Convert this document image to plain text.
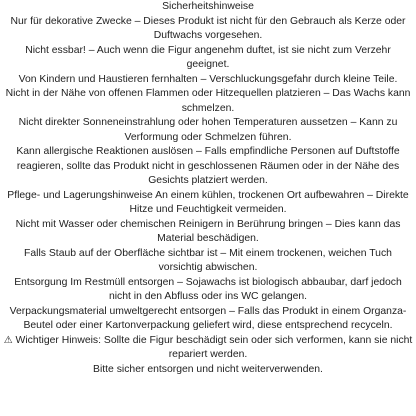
Sicherheitshinweise

Nur für dekorative Zwecke – Dieses Produkt ist nicht für den Gebrauch als Kerze oder Duftwachs vorgesehen.

Nicht essbar! – Auch wenn die Figur angenehm duftet, ist sie nicht zum Verzehr geeignet.

Von Kindern und Haustieren fernhalten – Verschluckungsgefahr durch kleine Teile.

Nicht in der Nähe von offenen Flammen oder Hitzequellen platzieren – Das Wachs kann schmelzen.

Nicht direkter Sonneneinstrahlung oder hohen Temperaturen aussetzen – Kann zu Verformung oder Schmelzen führen.

Kann allergische Reaktionen auslösen – Falls empfindliche Personen auf Duftstoffe reagieren, sollte das Produkt nicht in geschlossenen Räumen oder in der Nähe des Gesichts platziert werden.

Pflege- und Lagerungshinweise An einem kühlen, trockenen Ort aufbewahren – Direkte Hitze und Feuchtigkeit vermeiden.

Nicht mit Wasser oder chemischen Reinigern in Berührung bringen – Dies kann das Material beschädigen.

Falls Staub auf der Oberfläche sichtbar ist – Mit einem trockenen, weichen Tuch vorsichtig abwischen.

Entsorgung Im Restmüll entsorgen – Sojawachs ist biologisch abbaubar, darf jedoch nicht in den Abfluss oder ins WC gelangen.

Verpackungsmaterial umweltgerecht entsorgen – Falls das Produkt in einem Organza-Beutel oder einer Kartonverpackung geliefert wird, diese entsprechend recyceln.

⚠ Wichtiger Hinweis: Sollte die Figur beschädigt sein oder sich verformen, kann sie nicht repariert werden.

Bitte sicher entsorgen und nicht weiterverwenden.
